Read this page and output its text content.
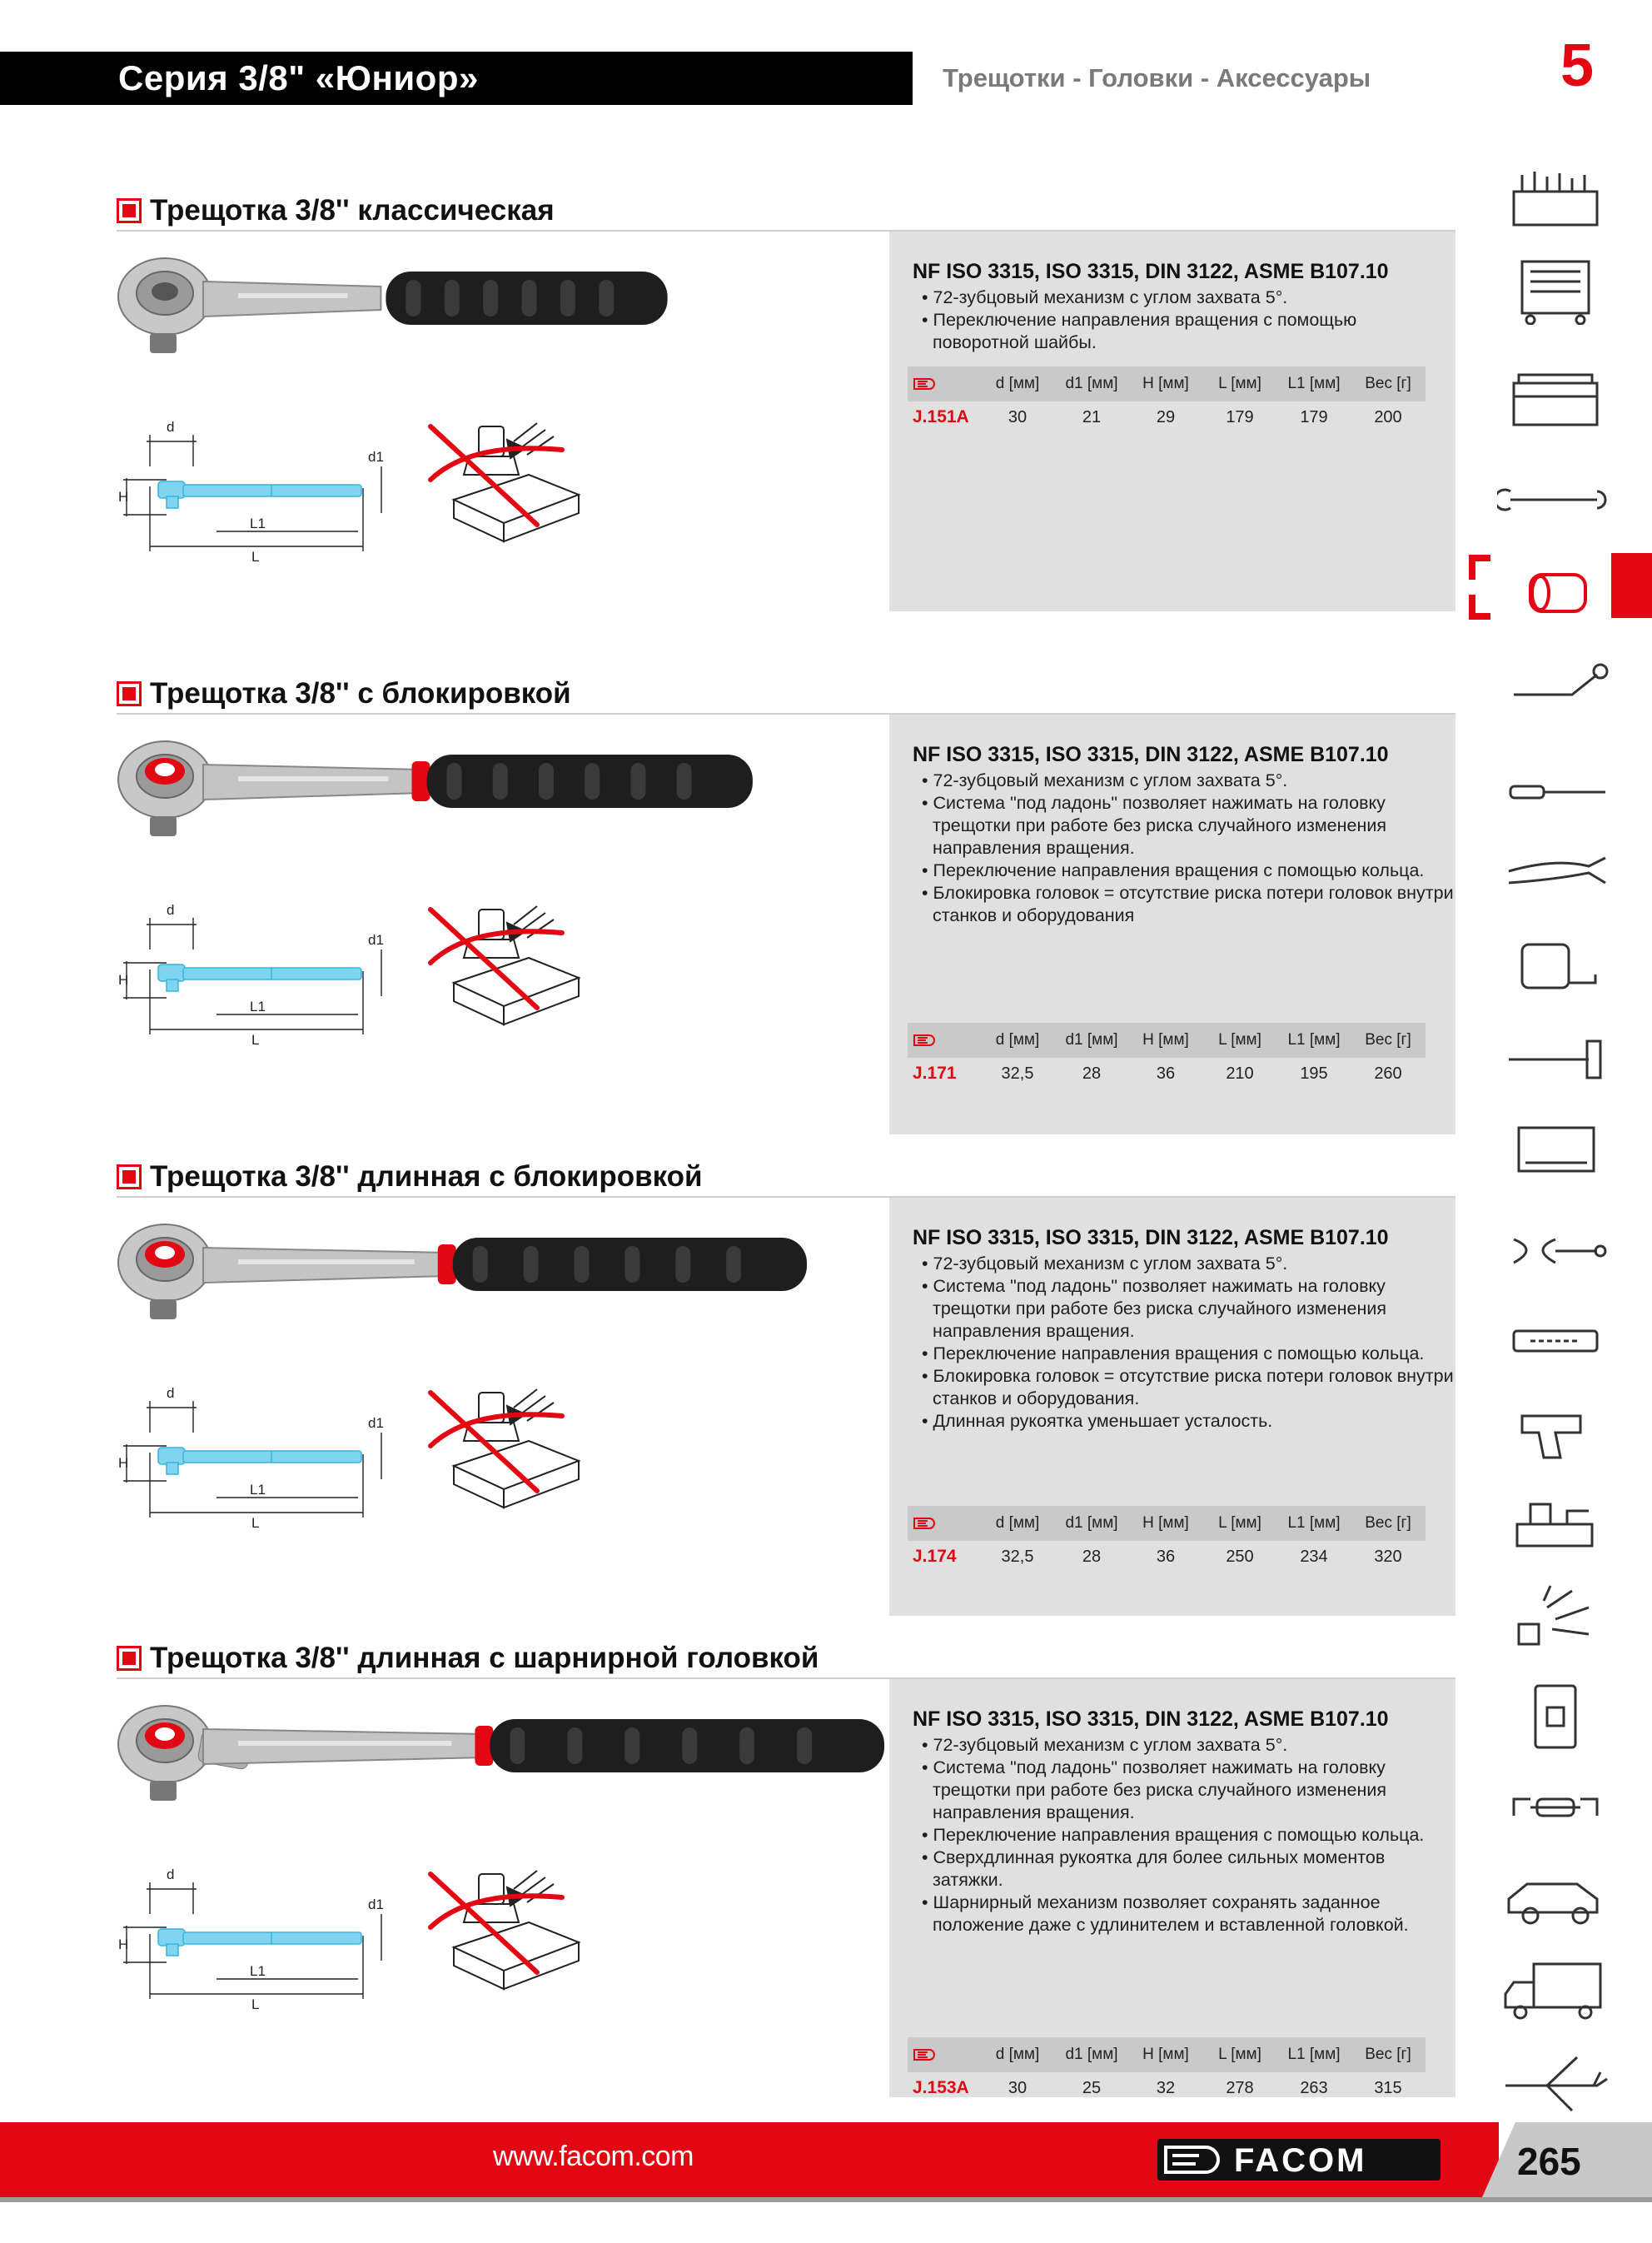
Серия 3/8" «Юниор»	Трещотки - Головки - Аксессуары	5
Трещотка 3/8'' классическая
d
d1
H
L1
L
NF ISO 3315, ISO 3315, DIN 3122, ASME B107.10
• 72-зубцовый механизм с углом захвата 5°.
• Переключение направления вращения с помощью поворотной шайбы.
d [мм]	d1 [мм]	H [мм]	L [мм]	L1 [мм]	Вес [г]
J.151A	30	21	29	179	179	200
Трещотка 3/8'' с блокировкой
d
d1
H
L1
L
NF ISO 3315, ISO 3315, DIN 3122, ASME B107.10
• 72-зубцовый механизм с углом захвата 5°.
• Система "под ладонь" позволяет нажимать на головку трещотки при работе без риска случайного изменения направления вращения.
• Переключение направления вращения с помощью кольца.
• Блокировка головок = отсутствие риска потери головок внутри станков и оборудования
d [мм]	d1 [мм]	H [мм]	L [мм]	L1 [мм]	Вес [г]
J.171	32,5	28	36	210	195	260
Трещотка 3/8'' длинная с блокировкой
d
d1
H
L1
L
NF ISO 3315, ISO 3315, DIN 3122, ASME B107.10
• 72-зубцовый механизм с углом захвата 5°.
• Система "под ладонь" позволяет нажимать на головку трещотки при работе без риска случайного изменения направления вращения.
• Переключение направления вращения с помощью кольца.
• Блокировка головок = отсутствие риска потери головок внутри станков и оборудования.
• Длинная рукоятка уменьшает усталость.
d [мм]	d1 [мм]	H [мм]	L [мм]	L1 [мм]	Вес [г]
J.174	32,5	28	36	250	234	320
Трещотка 3/8'' длинная с шарнирной головкой
d
d1
H
L1
L
NF ISO 3315, ISO 3315, DIN 3122, ASME B107.10
• 72-зубцовый механизм с углом захвата 5°.
• Система "под ладонь" позволяет нажимать на головку трещотки при работе без риска случайного изменения направления вращения.
• Переключение направления вращения с помощью кольца.
• Сверхдлинная рукоятка для более сильных моментов затяжки.
• Шарнирный механизм позволяет сохранять заданное положение даже с удлинителем и вставленной головкой.
d [мм]	d1 [мм]	H [мм]	L [мм]	L1 [мм]	Вес [г]
J.153A	30	25	32	278	263	315
www.facom.com	FACOM	265
